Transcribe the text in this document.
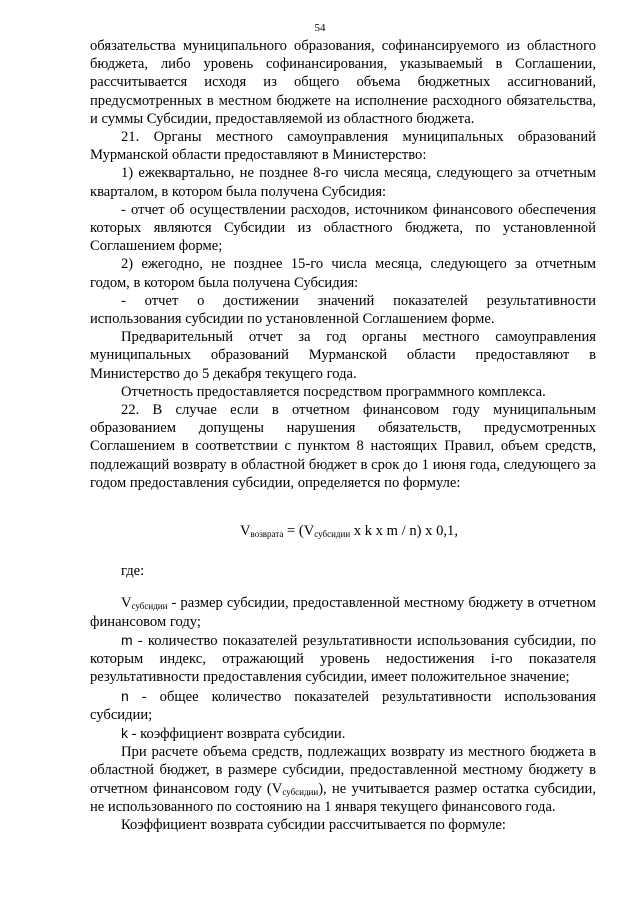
54

обязательства муниципального образования, софинансируемого из областного бюджета, либо уровень софинансирования, указываемый в Соглашении, рассчитывается исходя из общего объема бюджетных ассигнований, предусмотренных в местном бюджете на исполнение расходного обязательства, и суммы Субсидии, предоставляемой из областного бюджета.

21. Органы местного самоуправления муниципальных образований Мурманской области предоставляют в Министерство:

1) ежеквартально, не позднее 8-го числа месяца, следующего за отчетным кварталом, в котором была получена Субсидия:

- отчет об осуществлении расходов, источником финансового обеспечения которых являются Субсидии из областного бюджета, по установленной Соглашением форме;

2) ежегодно, не позднее 15-го числа месяца, следующего за отчетным годом, в котором была получена Субсидия:

- отчет о достижении значений показателей результативности использования субсидии по установленной Соглашением форме.

Предварительный отчет за год органы местного самоуправления муниципальных образований Мурманской области предоставляют в Министерство до 5 декабря текущего года.

Отчетность предоставляется посредством программного комплекса.

22. В случае если в отчетном финансовом году муниципальным образованием допущены нарушения обязательств, предусмотренных Соглашением в соответствии с пунктом 8 настоящих Правил, объем средств, подлежащий возврату в областной бюджет в срок до 1 июня года, следующего за годом предоставления субсидии, определяется по формуле:

$V_{возврата} = (V_{субсидии}$ x k x m / n) x 0,1,

где:

$V_{субсидии}$ - размер субсидии, предоставленной местному бюджету в отчетном финансовом году;

m - количество показателей результативности использования субсидии, по которым индекс, отражающий уровень недостижения i-го показателя результативности предоставления субсидии, имеет положительное значение;

n - общее количество показателей результативности использования субсидии;

k - коэффициент возврата субсидии.

При расчете объема средств, подлежащих возврату из местного бюджета в областной бюджет, в размере субсидии, предоставленной местному бюджету в отчетном финансовом году $(V_{субсидии})$, не учитывается размер остатка субсидии, не использованного по состоянию на 1 января текущего финансового года.

Коэффициент возврата субсидии рассчитывается по формуле:
